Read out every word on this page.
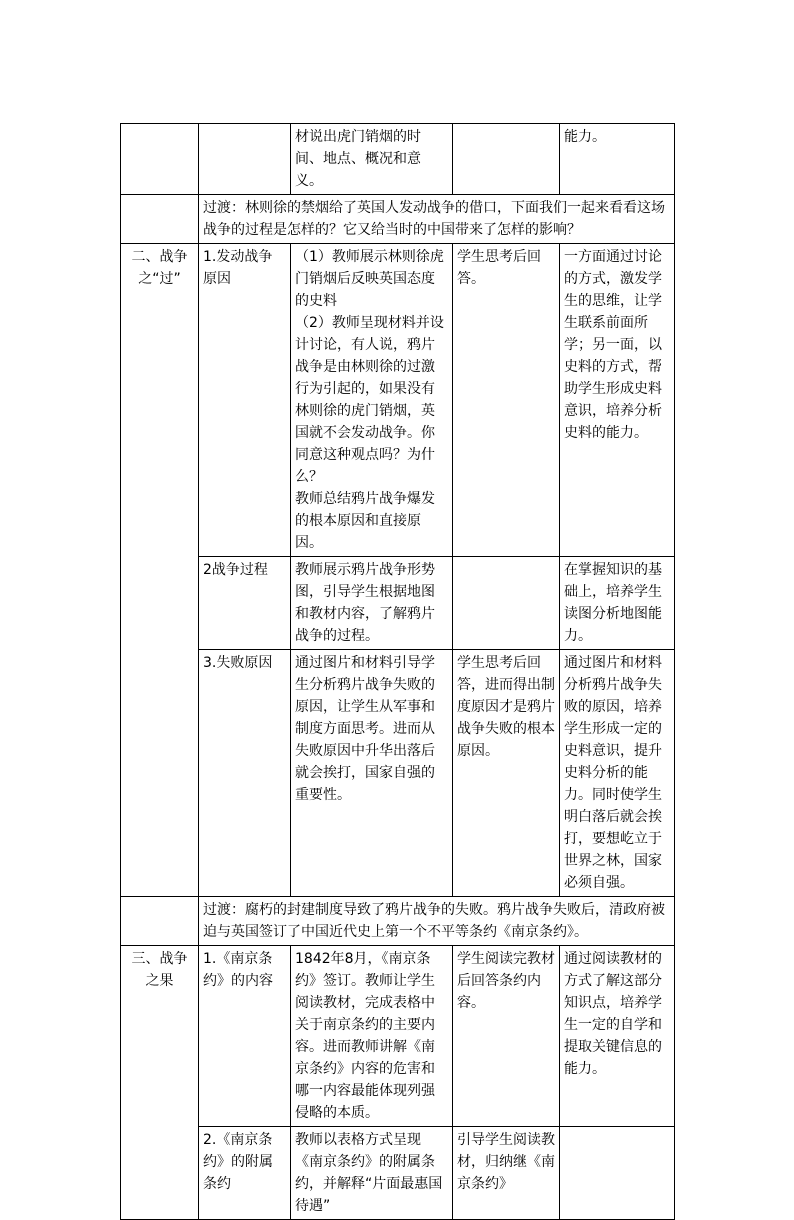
		材说出虎门销烟的时间、地点、概况和意义。		能力。
	过渡：林则徐的禁烟给了英国人发动战争的借口，下面我们一起来看看这场战争的过程是怎样的？它又给当时的中国带来了怎样的影响？			
二、战争之“过”	1.发动战争原因	（1）教师展示林则徐虎门销烟后反映英国态度的史料
（2）教师呈现材料并设计讨论，有人说，鸦片战争是由林则徐的过激行为引起的，如果没有林则徐的虎门销烟，英国就不会发动战争。你同意这种观点吗？为什么？
教师总结鸦片战争爆发的根本原因和直接原因。	学生思考后回答。	一方面通过讨论的方式，激发学生的思维，让学生联系前面所学；另一面，以史料的方式，帮助学生形成史料意识，培养分析史料的能力。
	2战争过程	教师展示鸦片战争形势图，引导学生根据地图和教材内容，了解鸦片战争的过程。		在掌握知识的基础上，培养学生读图分析地图能力。
	3.失败原因	通过图片和材料引导学生分析鸦片战争失败的原因，让学生从军事和制度方面思考。进而从失败原因中升华出落后就会挨打，国家自强的重要性。	学生思考后回答，进而得出制度原因才是鸦片战争失败的根本原因。	通过图片和材料分析鸦片战争失败的原因，培养学生形成一定的史料意识，提升史料分析的能力。同时使学生明白落后就会挨打，要想屹立于世界之林，国家必须自强。
	过渡：腐朽的封建制度导致了鸦片战争的失败。鸦片战争失败后，清政府被迫与英国签订了中国近代史上第一个不平等条约《南京条约》。			
三、战争之果	1.《南京条约》的内容	1842年8月，《南京条约》签订。教师让学生阅读教材，完成表格中关于南京条约的主要内容。进而教师讲解《南京条约》内容的危害和哪一内容最能体现列强侵略的本质。	学生阅读完教材后回答条约内容。	通过阅读教材的方式了解这部分知识点，培养学生一定的自学和提取关键信息的能力。
	2.《南京条约》的附属条约	教师以表格方式呈现《南京条约》的附属条约，并解释“片面最惠国待遇”	引导学生阅读教材，归纳继《南京条约》	
